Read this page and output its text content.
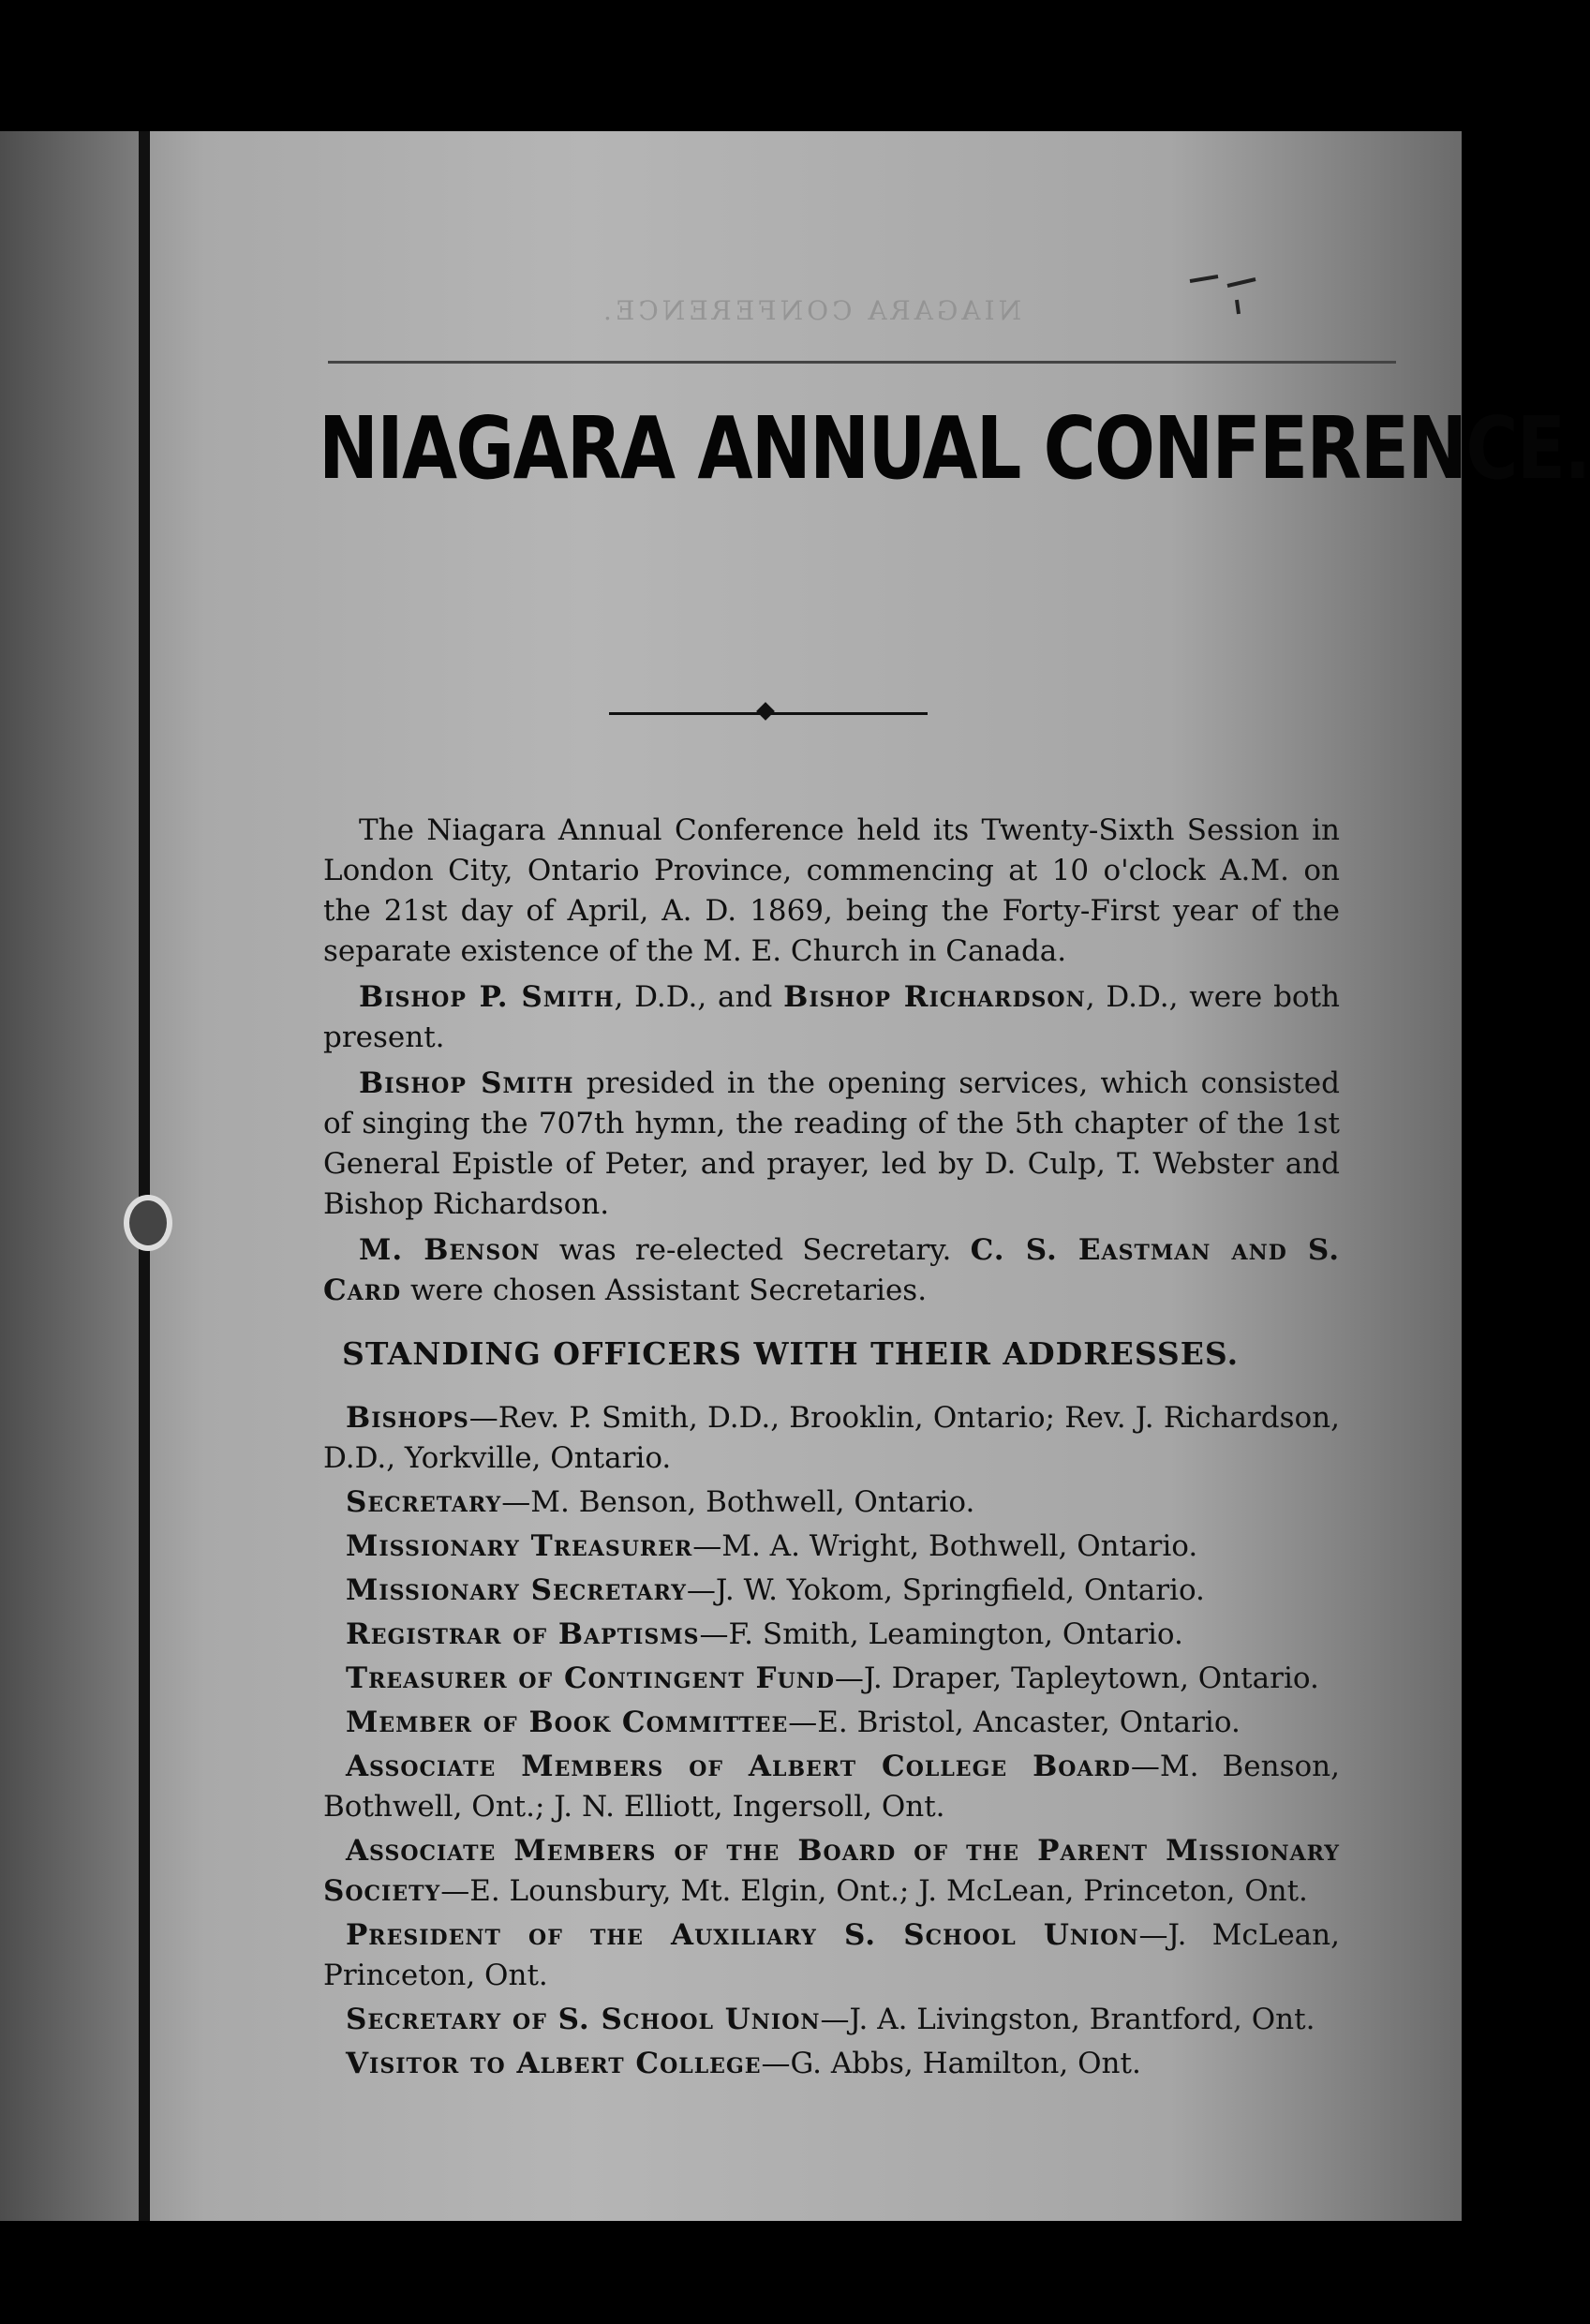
NIAGARA CONFERENCE.
NIAGARA ANNUAL CONFERENCE.

The Niagara Annual Conference held its Twenty-Sixth Session in London City, Ontario Province, commencing at 10 o'clock A.M. on the 21st day of April, A. D. 1869, being the Forty-First year of the separate existence of the M. E. Church in Canada.

Bishop P. Smith, D.D., and Bishop Richardson, D.D., were both present.

Bishop Smith presided in the opening services, which consisted of singing the 707th hymn, the reading of the 5th chapter of the 1st General Epistle of Peter, and prayer, led by D. Culp, T. Webster and Bishop Richardson.

M. Benson was re-elected Secretary. C. S. Eastman and S. Card were chosen Assistant Secretaries.

STANDING OFFICERS WITH THEIR ADDRESSES.
Bishops—Rev. P. Smith, D.D., Brooklin, Ontario; Rev. J. Richardson, D.D., Yorkville, Ontario.
Secretary—M. Benson, Bothwell, Ontario.
Missionary Treasurer—M. A. Wright, Bothwell, Ontario.
Missionary Secretary—J. W. Yokom, Springfield, Ontario.
Registrar of Baptisms—F. Smith, Leamington, Ontario.
Treasurer of Contingent Fund—J. Draper, Tapleytown, Ontario.
Member of Book Committee—E. Bristol, Ancaster, Ontario.
Associate Members of Albert College Board—M. Benson, Bothwell, Ont.; J. N. Elliott, Ingersoll, Ont.
Associate Members of the Board of the Parent Missionary Society—E. Lounsbury, Mt. Elgin, Ont.; J. McLean, Princeton, Ont.
President of the Auxiliary S. School Union—J. McLean, Princeton, Ont.
Secretary of S. School Union—J. A. Livingston, Brantford, Ont.
Visitor to Albert College—G. Abbs, Hamilton, Ont.
